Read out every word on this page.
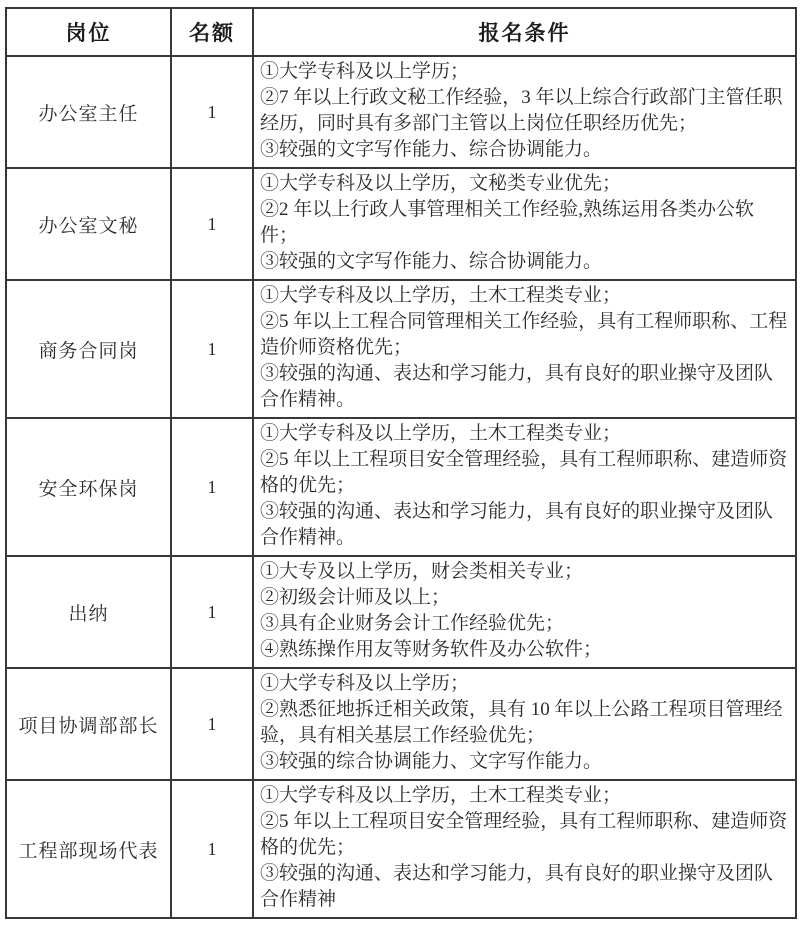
岗位	名额	报名条件
办公室主任	1	①大学专科及以上学历；
②7 年以上行政文秘工作经验，3 年以上综合行政部门主管任职经历，同时具有多部门主管以上岗位任职经历优先；
③较强的文字写作能力、综合协调能力。

办公室文秘	1	①大学专科及以上学历，文秘类专业优先；
②2 年以上行政人事管理相关工作经验,熟练运用各类办公软件；
③较强的文字写作能力、综合协调能力。

商务合同岗	1	①大学专科及以上学历，土木工程类专业；
②5 年以上工程合同管理相关工作经验，具有工程师职称、工程造价师资格优先；
③较强的沟通、表达和学习能力，具有良好的职业操守及团队合作精神。

安全环保岗	1	①大学专科及以上学历，土木工程类专业；
②5 年以上工程项目安全管理经验，具有工程师职称、建造师资格的优先；
③较强的沟通、表达和学习能力，具有良好的职业操守及团队合作精神。

出纳	1	①大专及以上学历，财会类相关专业；
②初级会计师及以上；
③具有企业财务会计工作经验优先；
④熟练操作用友等财务软件及办公软件；

项目协调部部长	1	①大学专科及以上学历；
②熟悉征地拆迁相关政策，具有 10 年以上公路工程项目管理经验，具有相关基层工作经验优先；
③较强的综合协调能力、文字写作能力。

工程部现场代表	1	①大学专科及以上学历，土木工程类专业；
②5 年以上工程项目安全管理经验，具有工程师职称、建造师资格的优先；
③较强的沟通、表达和学习能力，具有良好的职业操守及团队合作精神
